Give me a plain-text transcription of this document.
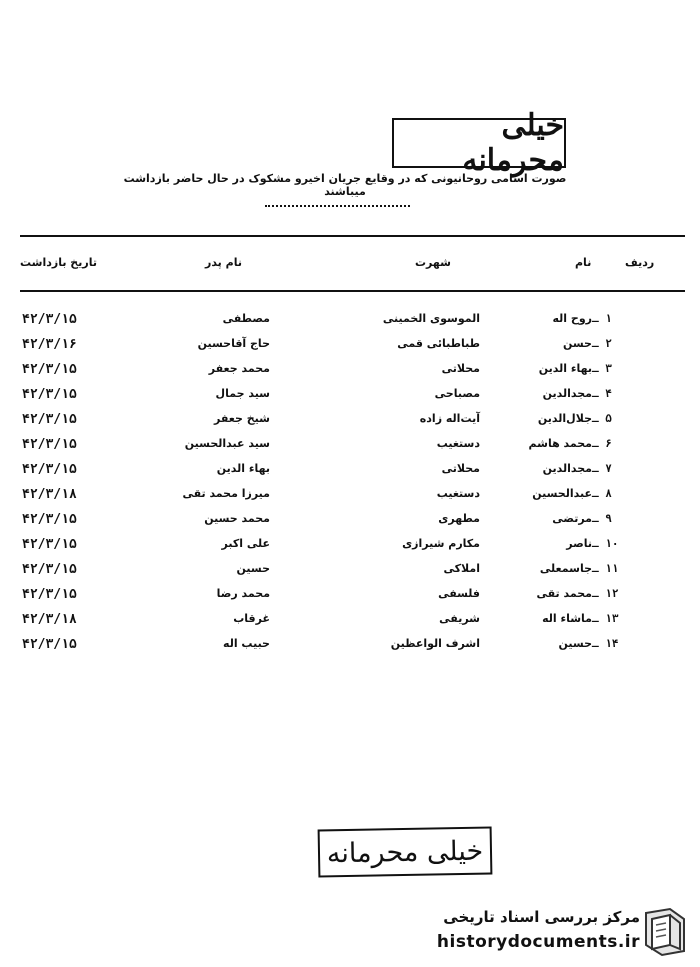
خیلی محرمانه
صورت اسامی روحانیونی که در وقایع جریان اخیرو مشکوک در حال حاضر بازداشت میباشند
ردیف
نام
شهرت
نام پدر
تاریخ بازداشت
۱ ـ
روح اله
الموسوی الخمینی
مصطفی
۴۲/۳/۱۵
۲ ـ
حسن
طباطبائی قمی
حاج آقاحسین
۴۲/۳/۱۶
۳ ـ
بهاء الدین
محلاتی
محمد جعفر
۴۲/۳/۱۵
۴ ـ
مجدالدین
مصباحی
سید جمال
۴۲/۳/۱۵
۵ ـ
جلال‌الدین
آیت‌اله زاده
شیخ جعفر
۴۲/۳/۱۵
۶ ـ
محمد هاشم
دستغیب
سید عبدالحسین
۴۲/۳/۱۵
۷ ـ
مجدالدین
محلاتی
بهاء الدین
۴۲/۳/۱۵
۸ ـ
عبدالحسین
دستغیب
میرزا محمد تقی
۴۲/۳/۱۸
۹ ـ
مرتضی
مطهری
محمد حسین
۴۲/۳/۱۵
۱۰ ـ
ناصر
مکارم شیرازی
علی اکبر
۴۲/۳/۱۵
۱۱ ـ
جاسمعلی
املاکی
حسین
۴۲/۳/۱۵
۱۲ ـ
محمد تقی
فلسفی
محمد رضا
۴۲/۳/۱۵
۱۳ ـ
ماشاء اله
شریفی
غرقاب
۴۲/۳/۱۸
۱۴ ـ
حسین
اشرف الواعظین
حبیب اله
۴۲/۳/۱۵
خیلی محرمانه
مرکز بررسی اسناد تاریخی
historydocuments.ir
